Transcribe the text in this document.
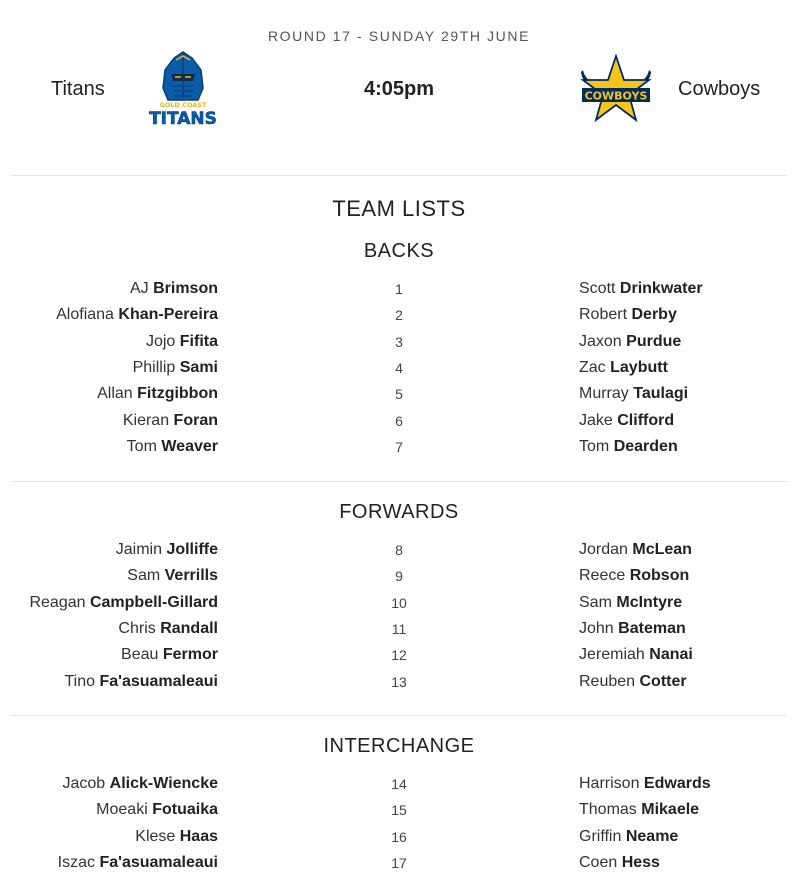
ROUND 17 - SUNDAY 29TH JUNE
Titans
GOLD COAST
TITANS
4:05pm	COWBOYS Cowboys
TEAM LISTS
BACKS
AJ Brimson	1	Scott Drinkwater
Alofiana Khan-Pereira	2	Robert Derby
Jojo Fifita	3	Jaxon Purdue
Phillip Sami	4	Zac Laybutt
Allan Fitzgibbon	5	Murray Taulagi
Kieran Foran	6	Jake Clifford
Tom Weaver	7	Tom Dearden
FORWARDS
Jaimin Jolliffe	8	Jordan McLean
Sam Verrills	9	Reece Robson
Reagan Campbell-Gillard	10	Sam McIntyre
Chris Randall	11	John Bateman
Beau Fermor	12	Jeremiah Nanai
Tino Fa'asuamaleaui	13	Reuben Cotter
INTERCHANGE
Jacob Alick-Wiencke	14	Harrison Edwards
Moeaki Fotuaika	15	Thomas Mikaele
Klese Haas	16	Griffin Neame
Iszac Fa'asuamaleaui	17	Coen Hess
